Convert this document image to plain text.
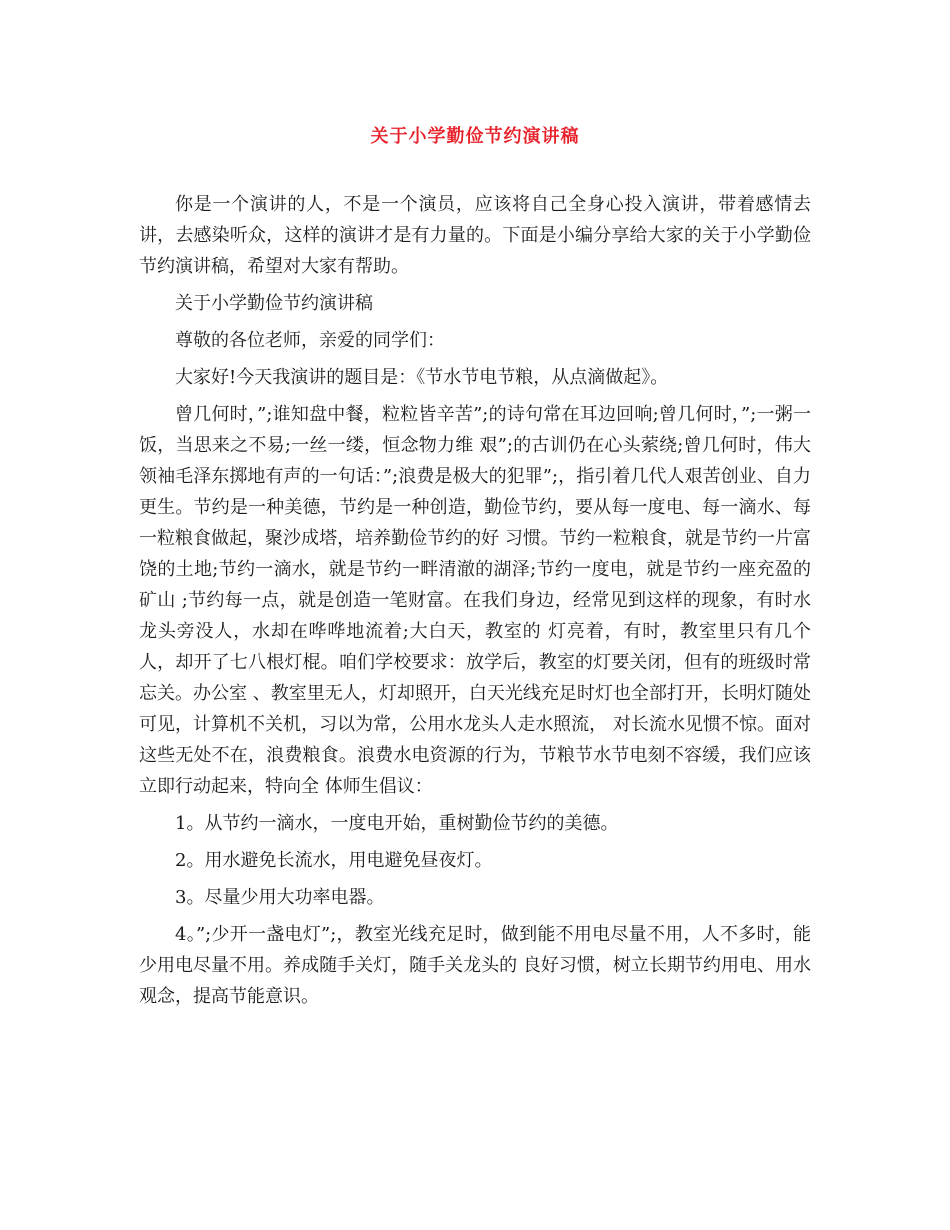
关于小学勤俭节约演讲稿

你是一个演讲的人，不是一个演员，应该将自己全身心投入演讲，带着感情去讲，去感染听众，这样的演讲才是有力量的。下面是小编分享给大家的关于小学勤俭节约演讲稿，希望对大家有帮助。

关于小学勤俭节约演讲稿

尊敬的各位老师，亲爱的同学们：

大家好!今天我演讲的题目是：《节水节电节粮，从点滴做起》。

曾几何时，”;谁知盘中餐，粒粒皆辛苦”;的诗句常在耳边回响;曾几何时，”;一粥一饭，当思来之不易;一丝一缕，恒念物力维 艰”;的古训仍在心头萦绕;曾几何时，伟大领袖毛泽东掷地有声的一句话：”;浪费是极大的犯罪”;，指引着几代人艰苦创业、自力 更生。节约是一种美德，节约是一种创造，勤俭节约，要从每一度电、每一滴水、每一粒粮食做起，聚沙成塔，培养勤俭节约的好 习惯。节约一粒粮食，就是节约一片富饶的土地;节约一滴水，就是节约一畔清澈的湖泽;节约一度电，就是节约一座充盈的矿山 ;节约每一点，就是创造一笔财富。在我们身边，经常见到这样的现象，有时水龙头旁没人，水却在哗哗地流着;大白天，教室的 灯亮着，有时，教室里只有几个人，却开了七八根灯棍。咱们学校要求：放学后，教室的灯要关闭，但有的班级时常忘关。办公室 、教室里无人，灯却照开，白天光线充足时灯也全部打开，长明灯随处可见，计算机不关机，习以为常，公用水龙头人走水照流， 对长流水见惯不惊。面对这些无处不在，浪费粮食。浪费水电资源的行为，节粮节水节电刻不容缓，我们应该立即行动起来，特向全 体师生倡议：

1。从节约一滴水，一度电开始，重树勤俭节约的美德。

2。用水避免长流水，用电避免昼夜灯。

3。尽量少用大功率电器。

4。”;少开一盏电灯”;，教室光线充足时，做到能不用电尽量不用，人不多时，能少用电尽量不用。养成随手关灯，随手关龙头的 良好习惯，树立长期节约用电、用水观念，提高节能意识。
